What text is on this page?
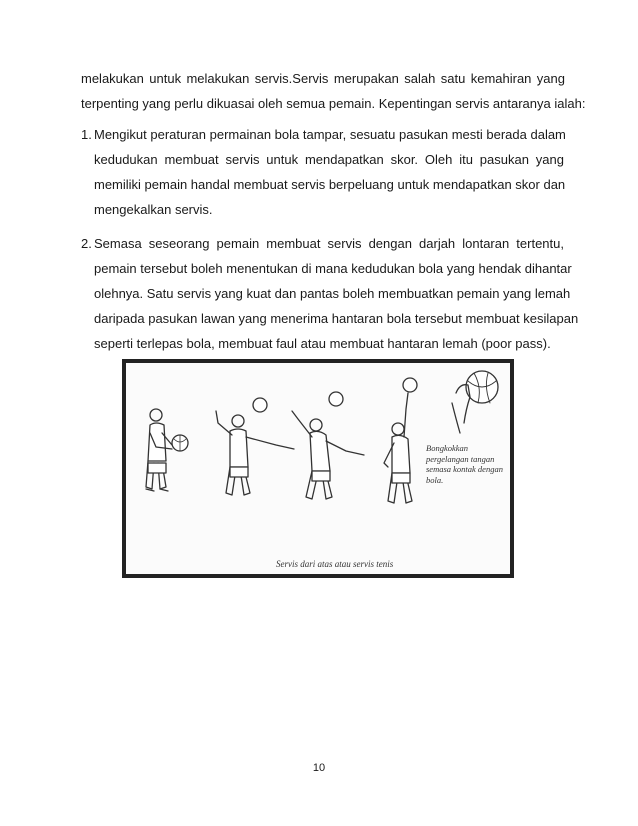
melakukan untuk melakukan servis.Servis merupakan salah satu kemahiran yang
terpenting yang perlu dikuasai oleh semua pemain. Kepentingan servis antaranya ialah:
1. Mengikut peraturan permainan bola tampar, sesuatu pasukan mesti berada dalam
kedudukan membuat servis untuk mendapatkan skor. Oleh itu pasukan yang
memiliki pemain handal membuat servis berpeluang untuk mendapatkan skor dan
mengekalkan servis.
2. Semasa seseorang pemain membuat servis dengan darjah lontaran tertentu,
pemain tersebut boleh menentukan di mana kedudukan bola yang hendak dihantar
olehnya. Satu servis yang kuat dan pantas boleh membuatkan pemain yang lemah
daripada pasukan lawan yang menerima hantaran bola tersebut membuat kesilapan
seperti terlepas bola, membuat faul atau membuat hantaran lemah (poor pass).
Bongkokkan pergelangan tangan semasa kontak dengan bola.
Servis dari atas atau servis tenis
10
